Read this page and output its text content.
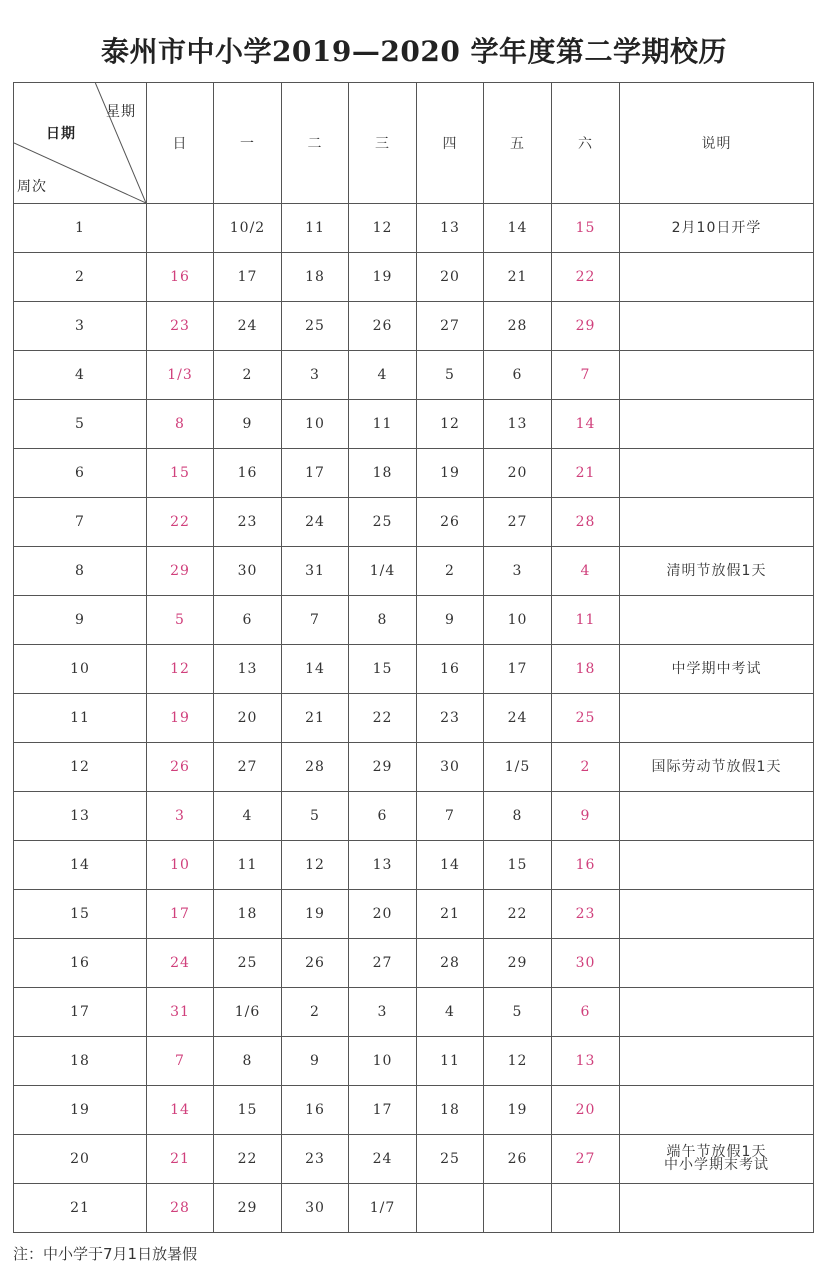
泰州市中小学2019—2020 学年度第二学期校历
星期
日期
周次	日	一	二	三	四	五	六	说明
1		10/2	11	12	13	14	15	2月10日开学

2	16	17	18	19	20	21	22	
3	23	24	25	26	27	28	29	
4	1/3	2	3	4	5	6	7	
5	8	9	10	11	12	13	14	
6	15	16	17	18	19	20	21	
7	22	23	24	25	26	27	28	
8	29	30	31	1/4	2	3	4	清明节放假1天

9	5	6	7	8	9	10	11	
10	12	13	14	15	16	17	18	中学期中考试

11	19	20	21	22	23	24	25	
12	26	27	28	29	30	1/5	2	国际劳动节放假1天

13	3	4	5	6	7	8	9	
14	10	11	12	13	14	15	16	
15	17	18	19	20	21	22	23	
16	24	25	26	27	28	29	30	
17	31	1/6	2	3	4	5	6	
18	7	8	9	10	11	12	13	
19	14	15	16	17	18	19	20	
20	21	22	23	24	25	26	27	端午节放假1天
中小学期末考试

21	28	29	30	1/7				
注：中小学于7月1日放暑假
